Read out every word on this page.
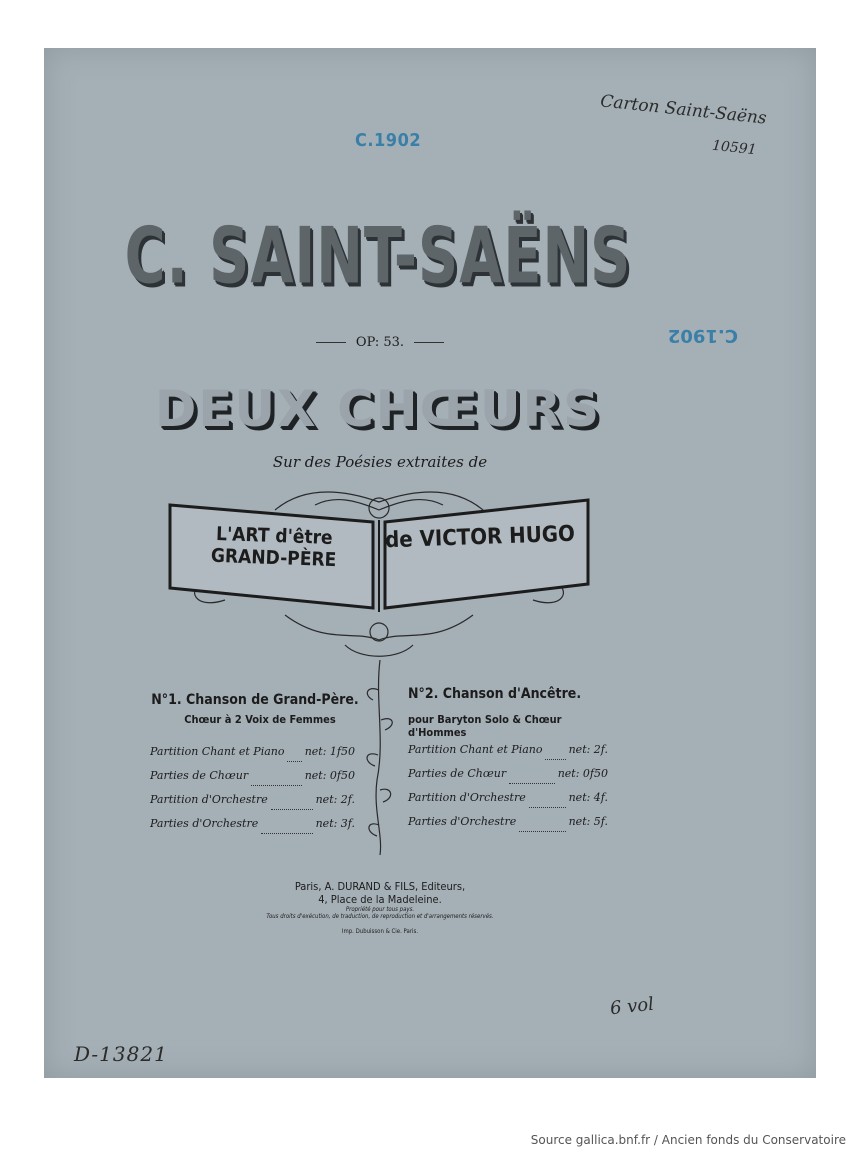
C.1902
C.1902
Carton Saint-Saëns
10591
6 vol
D-13821
C. SAINT-SAËNS
OP: 53.
DEUX CHŒURS
Sur des Poésies extraites de
L'ART d'être GRAND-PÈRE
de VICTOR HUGO
N°1. Chanson de Grand-Père.
Chœur à 2 Voix de Femmes
Partition Chant et Piano net: 1f50
Parties de Chœur	net: 0f50
Partition d'Orchestre	net: 2f.
Parties d'Orchestre	net: 3f.
N°2. Chanson d'Ancêtre.
pour Baryton Solo & Chœur d'Hommes
Partition Chant et Piano net: 2f.
Parties de Chœur	net: 0f50
Partition d'Orchestre	net: 4f.
Parties d'Orchestre	net: 5f.
Paris, A. DURAND & FILS, Editeurs,
4, Place de la Madeleine.
Propriété pour tous pays.
Tous droits d'exécution, de traduction, de reproduction et d'arrangements réservés.
Imp. Dubuisson & Cie. Paris.
Source gallica.bnf.fr / Ancien fonds du Conservatoire
